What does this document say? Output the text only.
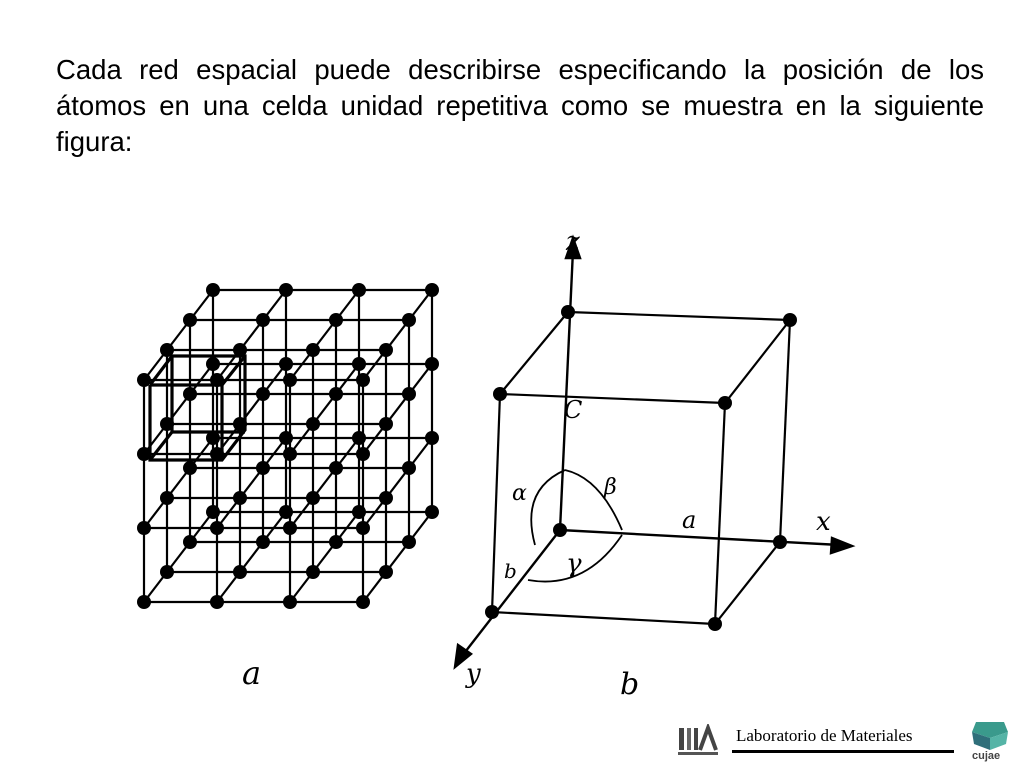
Cada red espacial puede describirse especificando la posición de los átomos en una celda unidad repetitiva como se muestra en la siguiente figura:

a
z
x
y
C
a
b
α	β
γ
b
Laboratorio de Materiales
cujae
